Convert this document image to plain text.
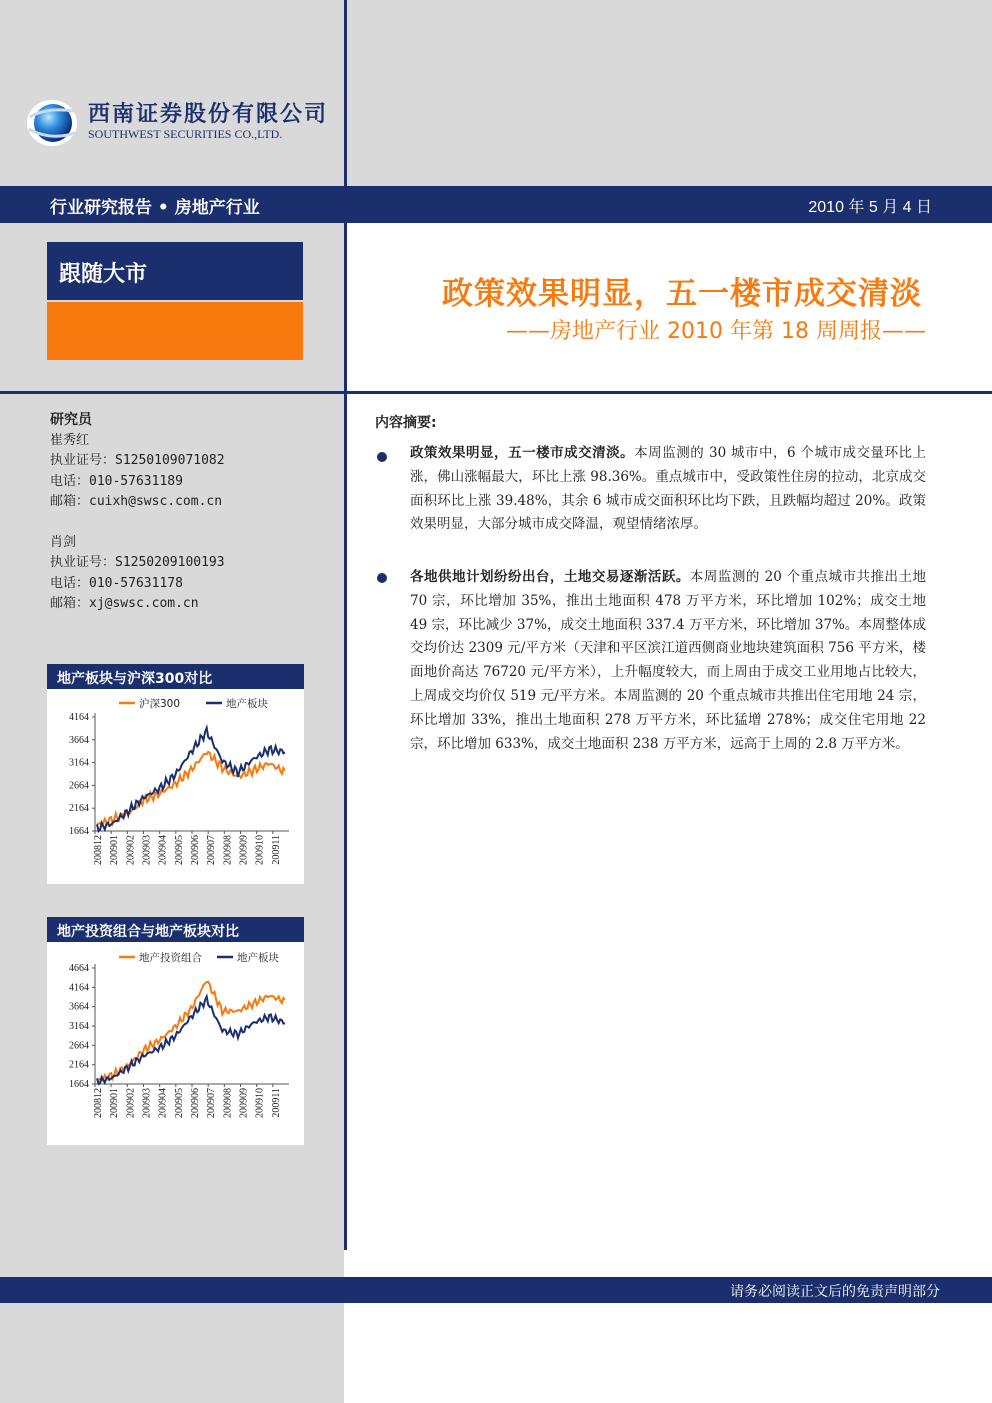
西南证券股份有限公司
SOUTHWEST SECURITIES CO.,LTD.
行业研究报告 • 房地产行业	2010 年 5 月 4 日
跟随大市
政策效果明显，五一楼市成交清淡
——房地产行业 2010 年第 18 周周报——
研究员
崔秀红
执业证号：S1250109071082
电话：010-57631189
邮箱：cuixh@swsc.com.cn
肖剑
执业证号：S1250209100193
电话：010-57631178
邮箱：xj@swsc.com.cn
地产板块与沪深300对比
1664
2164
2664
3164
3664
4164
200812 200901 200902 200903 200904 200905 200906 200907 200908 200909 200910 200911
沪深300	地产板块
地产投资组合与地产板块对比
1664
2164
2664
3164
3664
4164
4664
200812 200901 200902 200903 200904 200905 200906 200907 200908 200909 200910 200911
地产投资组合	地产板块
内容摘要:
政策效果明显，五一楼市成交清淡。本周监测的 30 城市中，6 个城市成交量环比上涨，佛山涨幅最大，环比上涨 98.36%。重点城市中，受政策性住房的拉动，北京成交面积环比上涨 39.48%，其余 6 城市成交面积环比均下跌，且跌幅均超过 20%。政策效果明显，大部分城市成交降温，观望情绪浓厚。
各地供地计划纷纷出台，土地交易逐渐活跃。本周监测的 20 个重点城市共推出土地 70 宗，环比增加 35%，推出土地面积 478 万平方米，环比增加 102%；成交土地 49 宗，环比减少 37%，成交土地面积 337.4 万平方米，环比增加 37%。本周整体成交均价达 2309 元/平方米（天津和平区滨江道西侧商业地块建筑面积 756 平方米，楼面地价高达 76720 元/平方米），上升幅度较大，而上周由于成交工业用地占比较大，上周成交均价仅 519 元/平方米。本周监测的 20 个重点城市共推出住宅用地 24 宗，环比增加 33%，推出土地面积 278 万平方米，环比猛增 278%；成交住宅用地 22 宗，环比增加 633%，成交土地面积 238 万平方米，远高于上周的 2.8 万平方米。
请务必阅读正文后的免责声明部分
